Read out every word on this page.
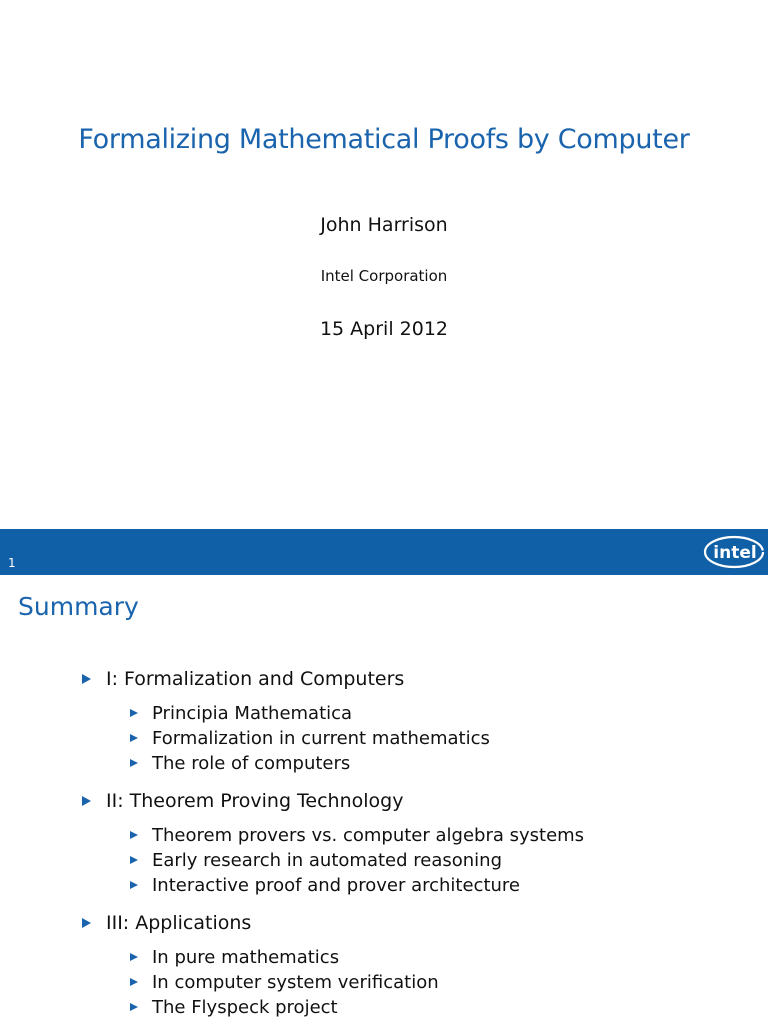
Formalizing Mathematical Proofs by Computer
John Harrison
Intel Corporation
15 April 2012
1	intel
Summary
I: Formalization and Computers
Principia Mathematica
Formalization in current mathematics
The role of computers
II: Theorem Proving Technology
Theorem provers vs. computer algebra systems
Early research in automated reasoning
Interactive proof and prover architecture
III: Applications
In pure mathematics
In computer system verification
The Flyspeck project
